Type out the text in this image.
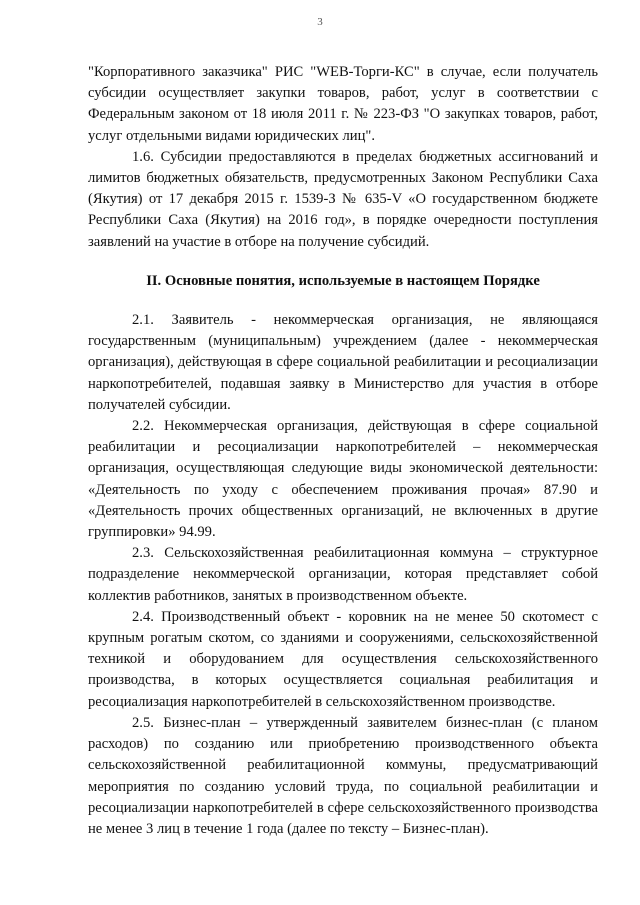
3

"Корпоративного заказчика" РИС "WEB-Торги-КС" в случае, если получатель субсидии осуществляет закупки товаров, работ, услуг в соответствии с Федеральным законом от 18 июля 2011 г. № 223-ФЗ "О закупках товаров, работ, услуг отдельными видами юридических лиц".

1.6. Субсидии предоставляются в пределах бюджетных ассигнований и лимитов бюджетных обязательств, предусмотренных Законом Республики Саха (Якутия) от 17 декабря 2015 г. 1539-З № 635-V «О государственном бюджете Республики Саха (Якутия) на 2016 год», в порядке очередности поступления заявлений на участие в отборе на получение субсидий.

II. Основные понятия, используемые в настоящем Порядке

2.1. Заявитель - некоммерческая организация, не являющаяся государственным (муниципальным) учреждением (далее - некоммерческая организация), действующая в сфере социальной реабилитации и ресоциализации наркопотребителей, подавшая заявку в Министерство для участия в отборе получателей субсидии.

2.2. Некоммерческая организация, действующая в сфере социальной реабилитации и ресоциализации наркопотребителей – некоммерческая организация, осуществляющая следующие виды экономической деятельности: «Деятельность по уходу с обеспечением проживания прочая» 87.90 и «Деятельность прочих общественных организаций, не включенных в другие группировки» 94.99.

2.3. Сельскохозяйственная реабилитационная коммуна – структурное подразделение некоммерческой организации, которая представляет собой коллектив работников, занятых в производственном объекте.

2.4. Производственный объект - коровник на не менее 50 скотомест с крупным рогатым скотом, со зданиями и сооружениями, сельскохозяйственной техникой и оборудованием для осуществления сельскохозяйственного производства, в которых осуществляется социальная реабилитация и ресоциализация наркопотребителей в сельскохозяйственном производстве.

2.5. Бизнес-план – утвержденный заявителем бизнес-план (с планом расходов) по созданию или приобретению производственного объекта сельскохозяйственной реабилитационной коммуны, предусматривающий мероприятия по созданию условий труда, по социальной реабилитации и ресоциализации наркопотребителей в сфере сельскохозяйственного производства не менее 3 лиц в течение 1 года (далее по тексту – Бизнес-план).
